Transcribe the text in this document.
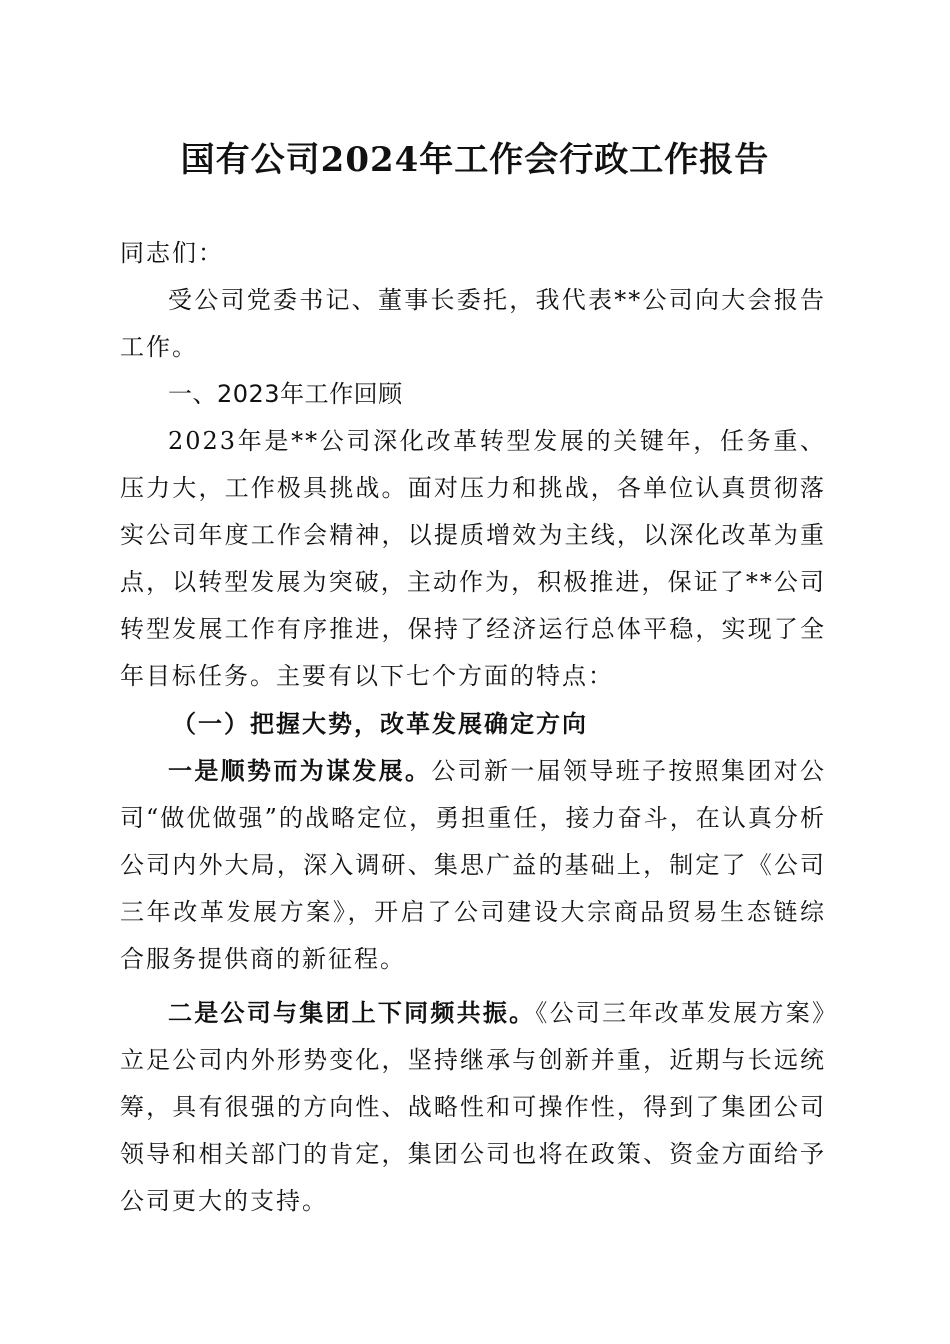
国有公司2024年工作会行政工作报告

同志们：

受公司党委书记、董事长委托，我代表**公司向大会报告工作。

一、2023年工作回顾

2023年是**公司深化改革转型发展的关键年，任务重、压力大，工作极具挑战。面对压力和挑战，各单位认真贯彻落实公司年度工作会精神，以提质增效为主线，以深化改革为重点，以转型发展为突破，主动作为，积极推进，保证了**公司转型发展工作有序推进，保持了经济运行总体平稳，实现了全年目标任务。主要有以下七个方面的特点：

（一）把握大势，改革发展确定方向

一是顺势而为谋发展。公司新一届领导班子按照集团对公司“做优做强”的战略定位，勇担重任，接力奋斗，在认真分析公司内外大局，深入调研、集思广益的基础上，制定了《公司三年改革发展方案》，开启了公司建设大宗商品贸易生态链综合服务提供商的新征程。

二是公司与集团上下同频共振。《公司三年改革发展方案》立足公司内外形势变化，坚持继承与创新并重，近期与长远统筹，具有很强的方向性、战略性和可操作性，得到了集团公司领导和相关部门的肯定，集团公司也将在政策、资金方面给予公司更大的支持。
